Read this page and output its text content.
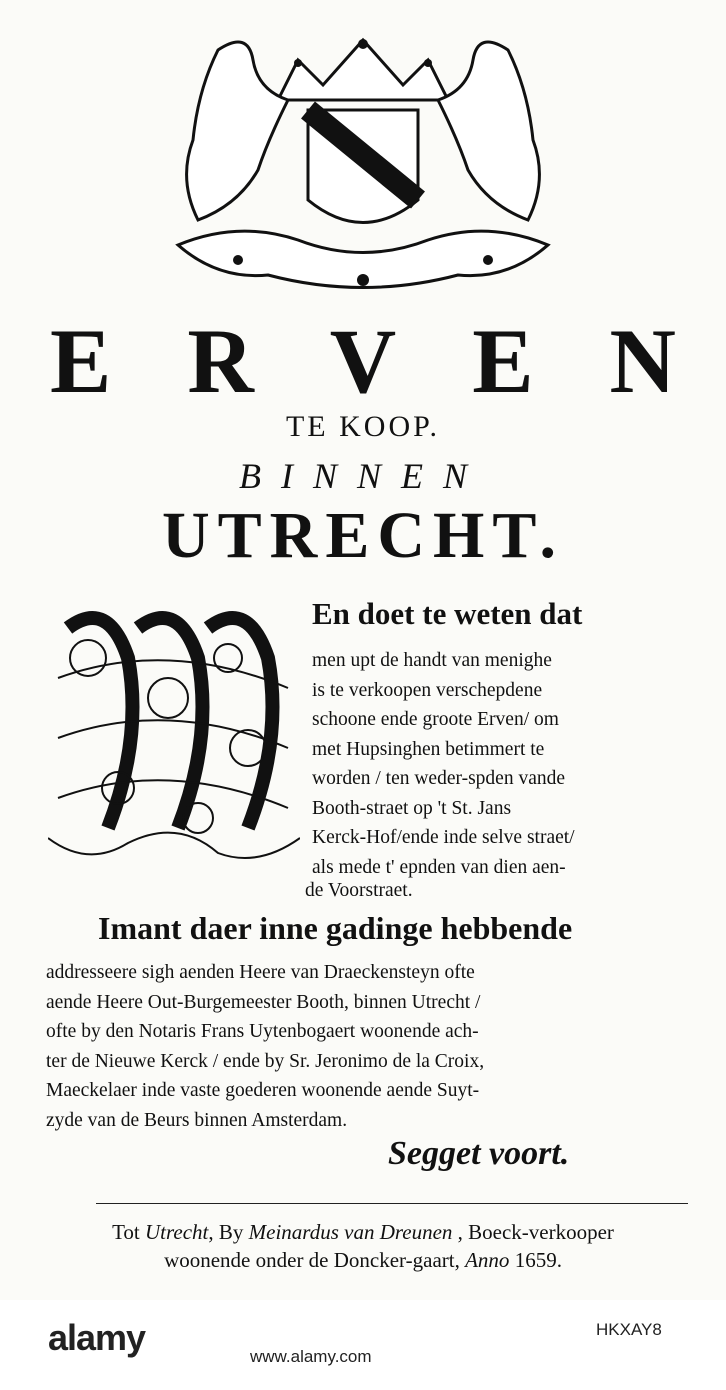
E R V E N
TE KOOP.
BINNEN
UTRECHT.
En doet te weten dat
men upt de handt van menighe
is te verkoopen verschepdene
schoone ende groote Erven/ om
met Hupsinghen betimmert te
worden / ten weder-spden vande
Booth-straet op 't St. Jans
Kerck-Hof/ende inde selve straet/
als mede t' epnden van dien aen-
de Voorstraet.
Imant daer inne gadinge hebbende
addresseere sigh aenden Heere van Draeckensteyn ofte
aende Heere Out-Burgemeester Booth, binnen Utrecht /
ofte by den Notaris Frans Uytenbogaert woonende ach-
ter de Nieuwe Kerck / ende by Sr. Jeronimo de la Croix,
Maeckelaer inde vaste goederen woonende aende Suyt-
zyde van de Beurs binnen Amsterdam.
Segget voort.
Tot Utrecht, By Meinardus van Dreunen , Boeck-verkooper
woonende onder de Doncker-gaart, Anno 1659.
alamy	HKXAY8
www.alamy.com
